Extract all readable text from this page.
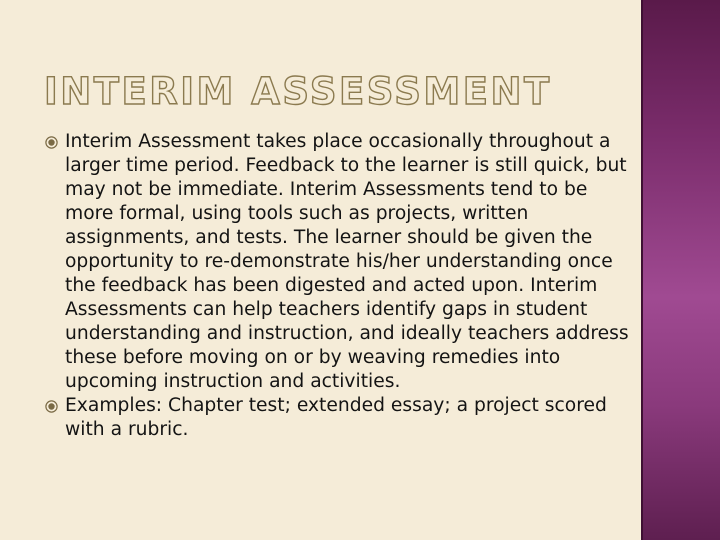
INTERIM ASSESSMENT

Interim Assessment takes place occasionally throughout a larger time period. Feedback to the learner is still quick, but may not be immediate. Interim Assessments tend to be more formal, using tools such as projects, written assignments, and tests. The learner should be given the opportunity to re-demonstrate his/her understanding once the feedback has been digested and acted upon. Interim Assessments can help teachers identify gaps in student understanding and instruction, and ideally teachers address these before moving on or by weaving remedies into upcoming instruction and activities.

Examples: Chapter test; extended essay; a project scored with a rubric.
